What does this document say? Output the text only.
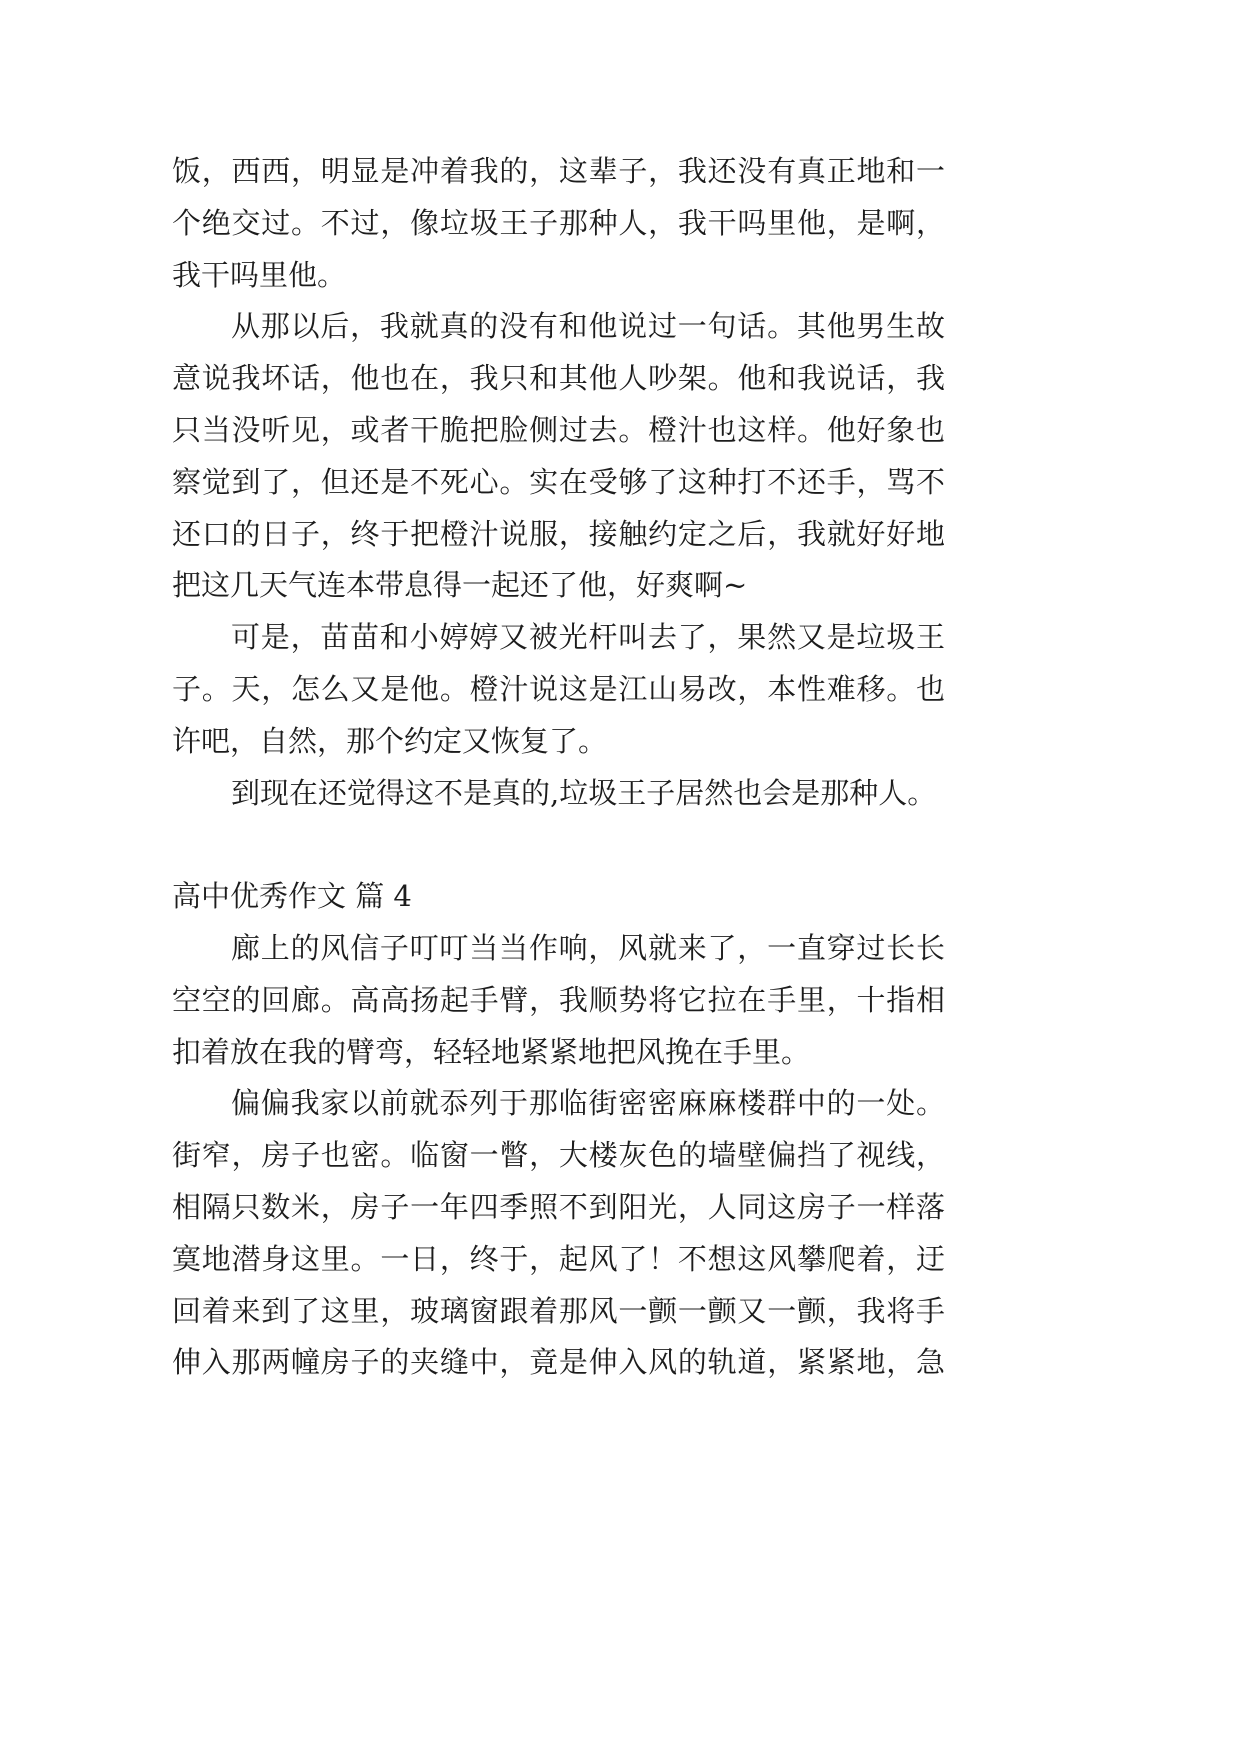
饭，西西，明显是冲着我的，这辈子，我还没有真正地和一
个绝交过。不过，像垃圾王子那种人，我干吗里他，是啊，
我干吗里他。
从那以后，我就真的没有和他说过一句话。其他男生故
意说我坏话，他也在，我只和其他人吵架。他和我说话，我
只当没听见，或者干脆把脸侧过去。橙汁也这样。他好象也
察觉到了，但还是不死心。实在受够了这种打不还手，骂不
还口的日子，终于把橙汁说服，接触约定之后，我就好好地
把这几天气连本带息得一起还了他，好爽啊~
可是，苗苗和小婷婷又被光杆叫去了，果然又是垃圾王
子。天，怎么又是他。橙汁说这是江山易改，本性难移。也
许吧，自然，那个约定又恢复了。
到现在还觉得这不是真的,垃圾王子居然也会是那种人。
高中优秀作文 篇 4
廊上的风信子叮叮当当作响，风就来了，一直穿过长长
空空的回廊。高高扬起手臂，我顺势将它拉在手里，十指相
扣着放在我的臂弯，轻轻地紧紧地把风挽在手里。
偏偏我家以前就忝列于那临街密密麻麻楼群中的一处。
街窄，房子也密。临窗一瞥，大楼灰色的墙壁偏挡了视线，
相隔只数米，房子一年四季照不到阳光，人同这房子一样落
寞地潜身这里。一日，终于，起风了！不想这风攀爬着，迂
回着来到了这里，玻璃窗跟着那风一颤一颤又一颤，我将手
伸入那两幢房子的夹缝中，竟是伸入风的轨道，紧紧地，急
